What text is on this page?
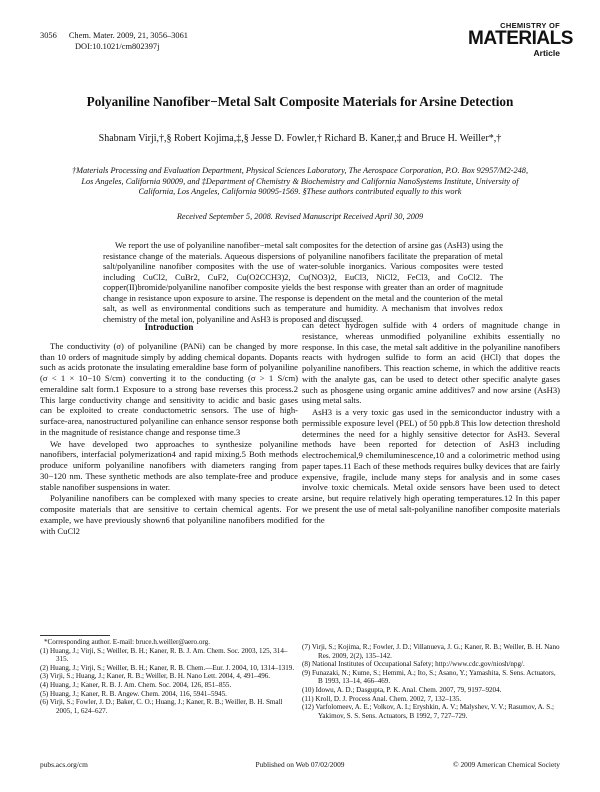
3056 Chem. Mater. 2009, 21, 3056–3061
DOI:10.1021/cm802397j
CHEMISTRY OF
MATERIALS
Article
Polyaniline Nanofiber−Metal Salt Composite Materials for Arsine Detection
Shabnam Virji,†,§ Robert Kojima,‡,§ Jesse D. Fowler,† Richard B. Kaner,‡ and Bruce H. Weiller*,†
†Materials Processing and Evaluation Department, Physical Sciences Laboratory, The Aerospace Corporation, P.O. Box 92957/M2-248, Los Angeles, California 90009, and ‡Department of Chemistry & Biochemistry and California NanoSystems Institute, University of California, Los Angeles, California 90095-1569. §These authors contributed equally to this work
Received September 5, 2008. Revised Manuscript Received April 30, 2009

We report the use of polyaniline nanofiber−metal salt composites for the detection of arsine gas (AsH3) using the resistance change of the materials. Aqueous dispersions of polyaniline nanofibers facilitate the preparation of metal salt/polyaniline nanofiber composites with the use of water-soluble inorganics. Various composites were tested including CuCl2, CuBr2, CuF2, Cu(O2CCH3)2, Cu(NO3)2, EuCl3, NiCl2, FeCl3, and CoCl2. The copper(II)bromide/polyaniline nanofiber composite yields the best response with greater than an order of magnitude change in resistance upon exposure to arsine. The response is dependent on the metal and the counterion of the metal salt, as well as environmental conditions such as temperature and humidity. A mechanism that involves redox chemistry of the metal ion, polyaniline and AsH3 is proposed and discussed.

Introduction

The conductivity (σ) of polyaniline (PANi) can be changed by more than 10 orders of magnitude simply by adding chemical dopants. Dopants such as acids protonate the insulating emeraldine base form of polyaniline (σ < 1 × 10−10 S/cm) converting it to the conducting (σ > 1 S/cm) emeraldine salt form.1 Exposure to a strong base reverses this process.2 This large conductivity change and sensitivity to acidic and basic gases can be exploited to create conductometric sensors. The use of high-surface-area, nanostructured polyaniline can enhance sensor response both in the magnitude of resistance change and response time.3

We have developed two approaches to synthesize polyaniline nanofibers, interfacial polymerization4 and rapid mixing.5 Both methods produce uniform polyaniline nanofibers with diameters ranging from 30−120 nm. These synthetic methods are also template-free and produce stable nanofiber suspensions in water.

Polyaniline nanofibers can be complexed with many species to create composite materials that are sensitive to certain chemical agents. For example, we have previously shown6 that polyaniline nanofibers modified with CuCl2

can detect hydrogen sulfide with 4 orders of magnitude change in resistance, whereas unmodified polyaniline exhibits essentially no response. In this case, the metal salt additive in the polyaniline nanofibers reacts with hydrogen sulfide to form an acid (HCl) that dopes the polyaniline nanofibers. This reaction scheme, in which the additive reacts with the analyte gas, can be used to detect other specific analyte gases such as phosgene using organic amine additives7 and now arsine (AsH3) using metal salts.

AsH3 is a very toxic gas used in the semiconductor industry with a permissible exposure level (PEL) of 50 ppb.8 This low detection threshold determines the need for a highly sensitive detector for AsH3. Several methods have been reported for detection of AsH3 including electrochemical,9 chemiluminescence,10 and a colorimetric method using paper tapes.11 Each of these methods requires bulky devices that are fairly expensive, fragile, include many steps for analysis and in some cases involve toxic chemicals. Metal oxide sensors have been used to detect arsine, but require relatively high operating temperatures.12 In this paper we present the use of metal salt-polyaniline nanofiber composite materials for the

*Corresponding author. E-mail: bruce.h.weiller@aero.org.
(1) Huang, J.; Virji, S.; Weiller, B. H.; Kaner, R. B. J. Am. Chem. Soc. 2003, 125, 314–315.
(2) Huang, J.; Virji, S.; Weiller, B. H.; Kaner, R. B. Chem.—Eur. J. 2004, 10, 1314–1319.
(3) Virji, S.; Huang, J.; Kaner, R. B.; Weiller, B. H. Nano Lett. 2004, 4, 491–496.
(4) Huang, J.; Kaner, R. B. J. Am. Chem. Soc. 2004, 126, 851–855.
(5) Huang, J.; Kaner, R. B. Angew. Chem. 2004, 116, 5941–5945.
(6) Virji, S.; Fowler, J. D.; Baker, C. O.; Huang, J.; Kaner, R. B.; Weiller, B. H. Small 2005, 1, 624–627.
(7) Virji, S.; Kojima, R.; Fowler, J. D.; Villanueva, J. G.; Kaner, R. B.; Weiller, B. H. Nano Res. 2009, 2(2), 135–142.
(8) National Institutes of Occupational Safety; http://www.cdc.gov/niosh/npg/.
(9) Funazaki, N.; Kume, S.; Hemmi, A.; Ito, S.; Asano, Y.; Yamashita, S. Sens. Actuators, B 1993, 13–14, 466–469.
(10) Idowu, A. D.; Dasgupta, P. K. Anal. Chem. 2007, 79, 9197–9204.
(11) Kroll, D. J. Process Anal. Chem. 2002, 7, 132–135.
(12) Varfolomeev, A. E.; Volkov, A. I.; Eryshkin, A. V.; Malyshev, V. V.; Rasumov, A. S.; Yakimov, S. S. Sens. Actuators, B 1992, 7, 727–729.
pubs.acs.org/cm	Published on Web 07/02/2009	© 2009 American Chemical Society
